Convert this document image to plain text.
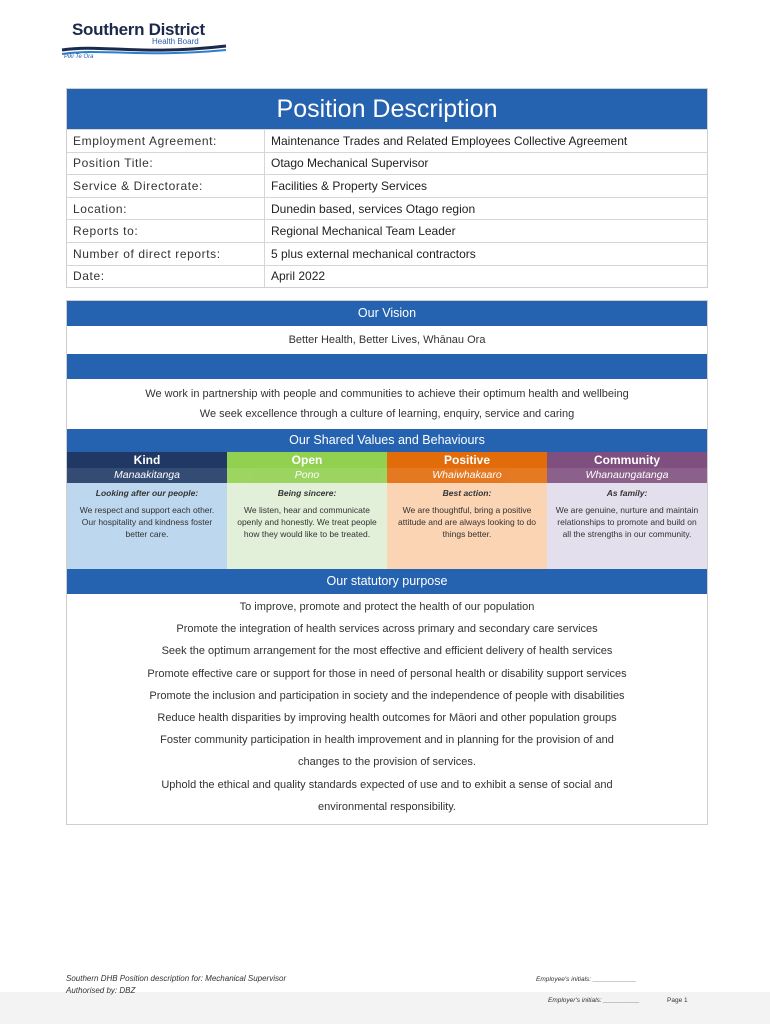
Southern District
Health Board
Piki Te Ora
Position Description
Employment Agreement:	Maintenance Trades and Related Employees Collective Agreement
Position Title:	Otago Mechanical Supervisor
Service & Directorate:	Facilities & Property Services
Location:	Dunedin based, services Otago region
Reports to:	Regional Mechanical Team Leader
Number of direct reports:	5 plus external mechanical contractors
Date:	April 2022
Our Vision
Better Health, Better Lives, Whānau Ora
We work in partnership with people and communities to achieve their optimum health and wellbeing
We seek excellence through a culture of learning, enquiry, service and caring
Our Shared Values and Behaviours
Kind
Manaakitanga
Looking after our people:
We respect and support each other. Our hospitality and kindness foster better care.
Open
Pono
Being sincere:
We listen, hear and communicate openly and honestly. We treat people how they would like to be treated.
Positive
Whaiwhakaaro
Best action:
We are thoughtful, bring a positive attitude and are always looking to do things better.
Community
Whanaungatanga
As family:
We are genuine, nurture and maintain relationships to promote and build on all the strengths in our community.
Our statutory purpose
To improve, promote and protect the health of our population
Promote the integration of health services across primary and secondary care services
Seek the optimum arrangement for the most effective and efficient delivery of health services
Promote effective care or support for those in need of personal health or disability support services
Promote the inclusion and participation in society and the independence of people with disabilities
Reduce health disparities by improving health outcomes for Māori and other population groups
Foster community participation in health improvement and in planning for the provision of and
changes to the provision of services.
Uphold the ethical and quality standards expected of use and to exhibit a sense of social and
environmental responsibility.
Southern DHB Position description for: Mechanical Supervisor
Authorised by: DBZ
Employee's initials: ____________
Employer's initials: __________	Page 1
